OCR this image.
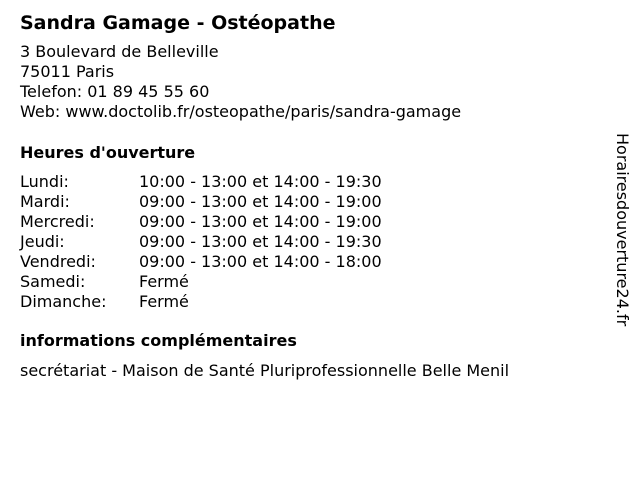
Sandra Gamage - Ostéopathe
3 Boulevard de Belleville
75011 Paris
Telefon: 01 89 45 55 60
Web: www.doctolib.fr/osteopathe/paris/sandra-gamage
Heures d'ouverture
Lundi:	10:00 - 13:00 et 14:00 - 19:30
Mardi:	09:00 - 13:00 et 14:00 - 19:00
Mercredi:	09:00 - 13:00 et 14:00 - 19:00
Jeudi:	09:00 - 13:00 et 14:00 - 19:30
Vendredi:	09:00 - 13:00 et 14:00 - 18:00
Samedi:	Fermé
Dimanche:	Fermé
informations complémentaires
secrétariat - Maison de Santé Pluriprofessionnelle Belle Menil
Horairesdouverture24.fr
